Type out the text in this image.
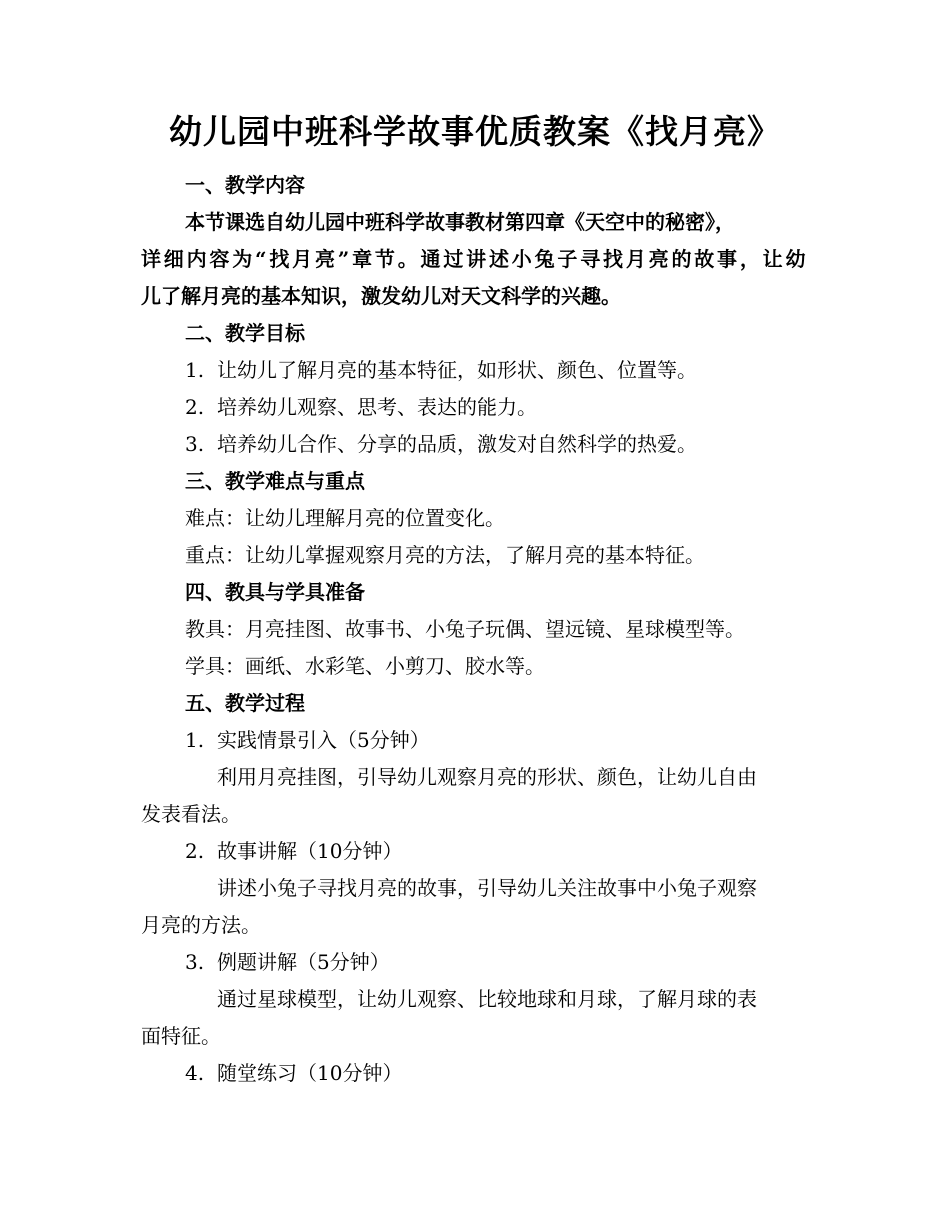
幼儿园中班科学故事优质教案《找月亮》
一、教学内容
本节课选自幼儿园中班科学故事教材第四章《天空中的秘密》，
详细内容为“找月亮”章节。通过讲述小兔子寻找月亮的故事，让幼
儿了解月亮的基本知识，激发幼儿对天文科学的兴趣。
二、教学目标
1. 让幼儿了解月亮的基本特征，如形状、颜色、位置等。
2. 培养幼儿观察、思考、表达的能力。
3. 培养幼儿合作、分享的品质，激发对自然科学的热爱。
三、教学难点与重点
难点：让幼儿理解月亮的位置变化。
重点：让幼儿掌握观察月亮的方法，了解月亮的基本特征。
四、教具与学具准备
教具：月亮挂图、故事书、小兔子玩偶、望远镜、星球模型等。
学具：画纸、水彩笔、小剪刀、胶水等。
五、教学过程
1. 实践情景引入（5分钟）
利用月亮挂图，引导幼儿观察月亮的形状、颜色，让幼儿自由
发表看法。
2. 故事讲解（10分钟）
讲述小兔子寻找月亮的故事，引导幼儿关注故事中小兔子观察
月亮的方法。
3. 例题讲解（5分钟）
通过星球模型，让幼儿观察、比较地球和月球，了解月球的表
面特征。
4. 随堂练习（10分钟）
